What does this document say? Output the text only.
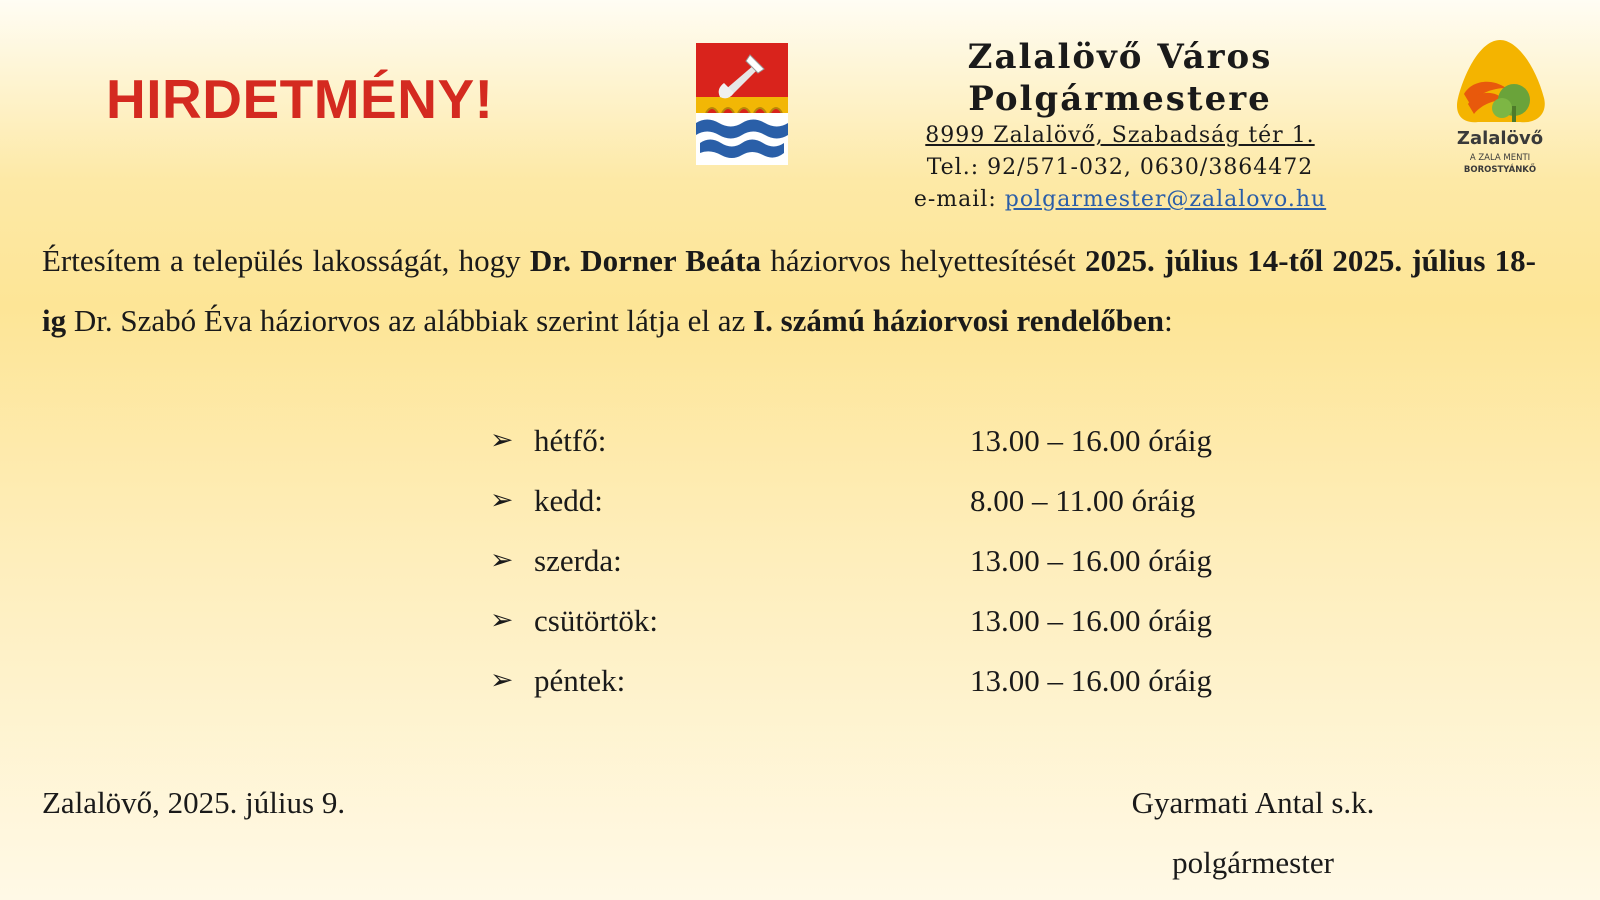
HIRDETMÉNY!
Zalalövő Város Polgármestere
8999 Zalalövő, Szabadság tér 1.
Tel.: 92/571-032, 0630/3864472
e-mail: polgarmester@zalalovo.hu
Zalalövő
A ZALA MENTI
BOROSTYÁNKŐ
Értesítem a település lakosságát, hogy Dr. Dorner Beáta háziorvos helyettesítését 2025. július 14-től 2025. július 18-ig Dr. Szabó Éva háziorvos az alábbiak szerint látja el az I. számú háziorvosi rendelőben:
➢ hétfő:	13.00 – 16.00 óráig
➢ kedd:	8.00 – 11.00 óráig
➢ szerda:	13.00 – 16.00 óráig
➢ csütörtök:	13.00 – 16.00 óráig
➢ péntek:	13.00 – 16.00 óráig
Zalalövő, 2025. július 9.	Gyarmati Antal s.k.
polgármester
